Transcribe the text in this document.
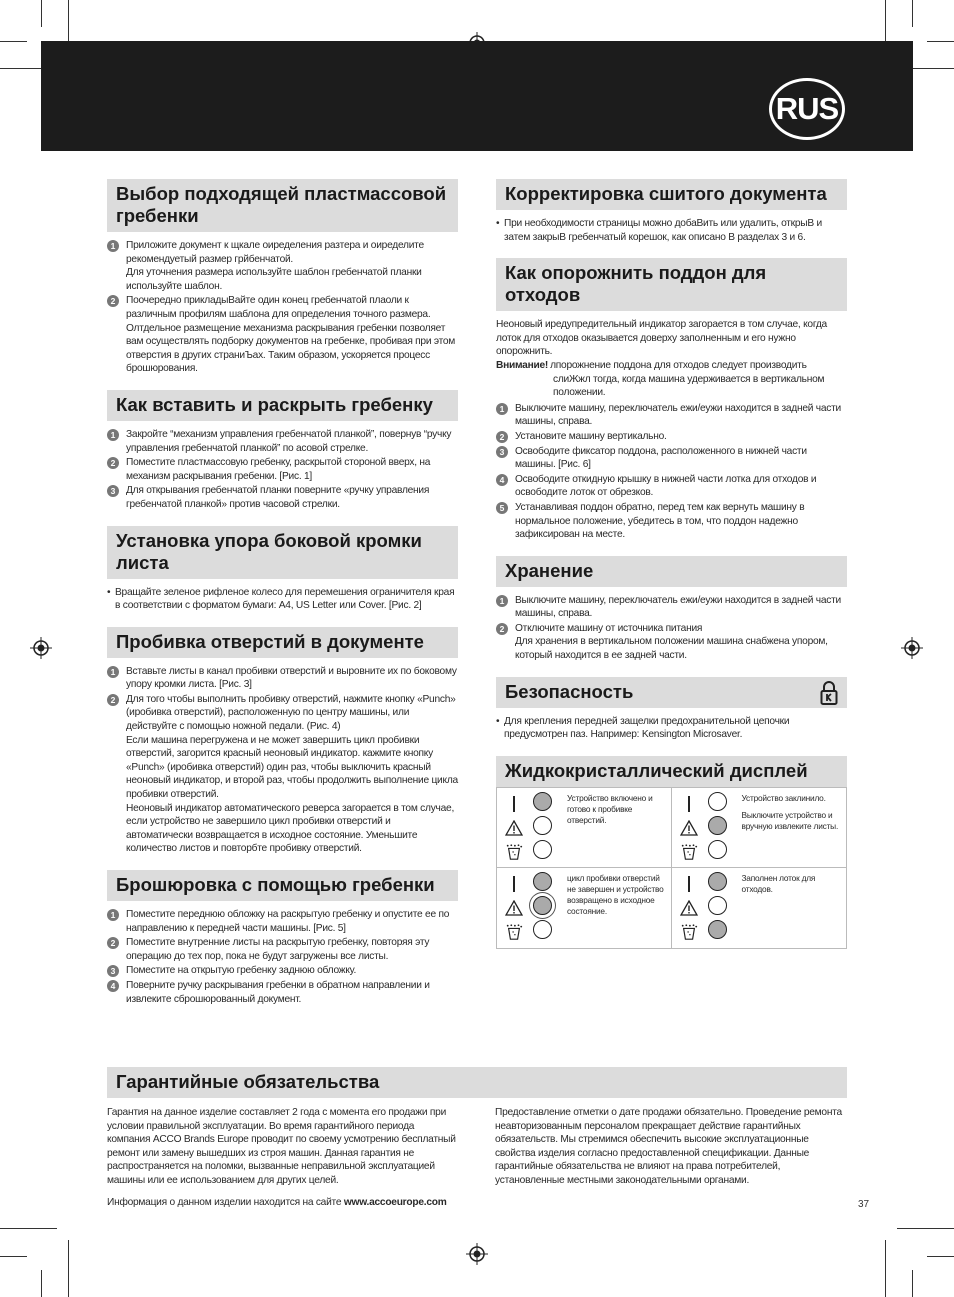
RUS
Выбор подходящей пластмассовой гребенки
1	Приложите документ к щкале оиределения разтера и оиределите рекомендуетый размер грйбенчатой.
Для уточнения размера используйте шаблон гребенчатой планки используйте шаблон.
2	Поочередно прикладыВайте один конец гребенчатой плаоли к различным профилям шаблона для определения точного размера.
Олтдельное размещение механизма раскрывания гребенки позволяет вам осуществлять подборку документов на гребенке, пробивая при этом отверстия в других страниЪах. Таким образом, ускоряется процесс брошюрования.
Как вставить и раскрыть гребенку
1	Закройте “механизм управления гребенчатой планкой”, повернув “ручку управления гребенчатой планкой” по асовой стрелке.
2	Поместите пластмассовую гребенку, раскрытой стороной вверх, на механизм раскрывания гребенки. [Рис. 1]
3	Для открывания гребенчатой планки поверните «ручку управления гребенчатой планкой» против часовой стрелки.
Установка упора боковой кромки листа
• Вращайте зеленое рифленое колесо для перемешения ограничителя края в соответствии с форматом бумаги: A4, US Letter или Cover. [Рис. 2]
Пробивка отверстий в документе
1	Вставьте листы в канал пробивки отверстий и выровните их по боковому упору кромки листа. [Рис. 3]
2	Для того чтобы выполнить пробивку отверстий, нажмите кнопку «Punch» (иробивка отверстий), расположенную по центру машины, или действуйте с помощью ножной педали. (Рис. 4)
Если машина перегружена и не может завершить цикл пробивки отверстий, загорится красный неоновый индикатор. кажмите кнопку «Punch» (иробивка отверстий) один раз, чтобы выключить красный неоновый индикатор, и второй раз, чтобы продолжить выполнение цикла пробивки отверстий.
Неоновый индикатор автоматического реверса загорается в том случае, если устройство не завершило цикл пробивки отверстий и автоматически возвращается в исходное состояние. Уменьшите количество листов и повторбте пробивку отверстий.
Брошюровка с помощью гребенки
1	Поместите переднюю обложку на раскрытую гребенку и опустите ее по направлению к передней части машины. [Рис. 5]
2	Поместите внутренние листы на раскрытую гребенку, повторяя эту операцию до тех пор, пока не будут загружены все листы.
3	Поместите на открытую гребенку заднюю обложку.
4	Поверните ручку раскрывания гребенки в обратном направлении и извлеките сброшюрованный документ.
Корректировка сшитого документа
• При необходимости страницы можно добаВить или удалить, открыВ и затем закрыВ гребенчатый корешок, как описано В разделах 3 и 6.
Как опорожнить поддон для отходов
Неоновый иредупредительный индикатор загорается в том случае, когда лоток для отходов оказывается доверху заполненным и его нужно опорожнить.
Внимание! лпорожнение поддона для отходов следует производить
слиЖжл тогда, когда машина удерживается в вертикальном положении.
1	Выключите машину, переключатель ежи/еужи находится в задней части машины, справа.
2	Установите машину вертикально.
3	Освободите фиксатор поддона, расположенного в нижней части машины. [Рис. 6]
4	Освободите откидную крышку в нижней части лотка для отходов и освободите лоток от обрезков.
5	Устанавливая поддон обратно, перед тем как вернуть машину в нормальное положение, убедитесь в том, что поддон надежно зафиксирован на месте.
Хранение
1	Выключите машину, переключатель ежи/еужи находится в задней части машины, справа.
2	Отключите машину от источника питания
Для хранения в вертикальном положении машина снабжена упором, который находится в ее задней части.
Безопасность
• Для крепления передней защелки предохранительной цепочки предусмотрен паз. Например: Kensington Microsaver.
Жидкокристаллический дисплей

Устройство включено и готово к пробивке отверстий.

Устройство заклинило.

Выключите устройство и вручную извлеките листы.

цикл пробивки отверстий не завершен и устройство возвращено в исходное состояние.

Заполнен лоток для отходов.

Гарантийные обязательства
Гарантия на данное изделие составляет 2 года с момента его продажи при условии правильной эксплуатации. Во время гарантийного периода компания ACCO Brands Europe проводит по своему усмотрению бесплатный ремонт или замену вышедших из строя машин. Данная гарантия не распространяется на поломки, вызванные неправильной эксплуатацией машины или ее использованием для других целей.
Предоставление отметки о дате продажи обязательно. Проведение ремонта неавторизованным персоналом прекращает действие гарантийных обязательств. Мы стремимся обеспечить высокие эксплуатационные свойства изделия согласно предоставленной спецификации. Данные гарантийные обязательства не влияют на права потребителей, установленные местными законодательными органами.
Информация о данном изделии находится на сайте www.accoeurope.com	37
